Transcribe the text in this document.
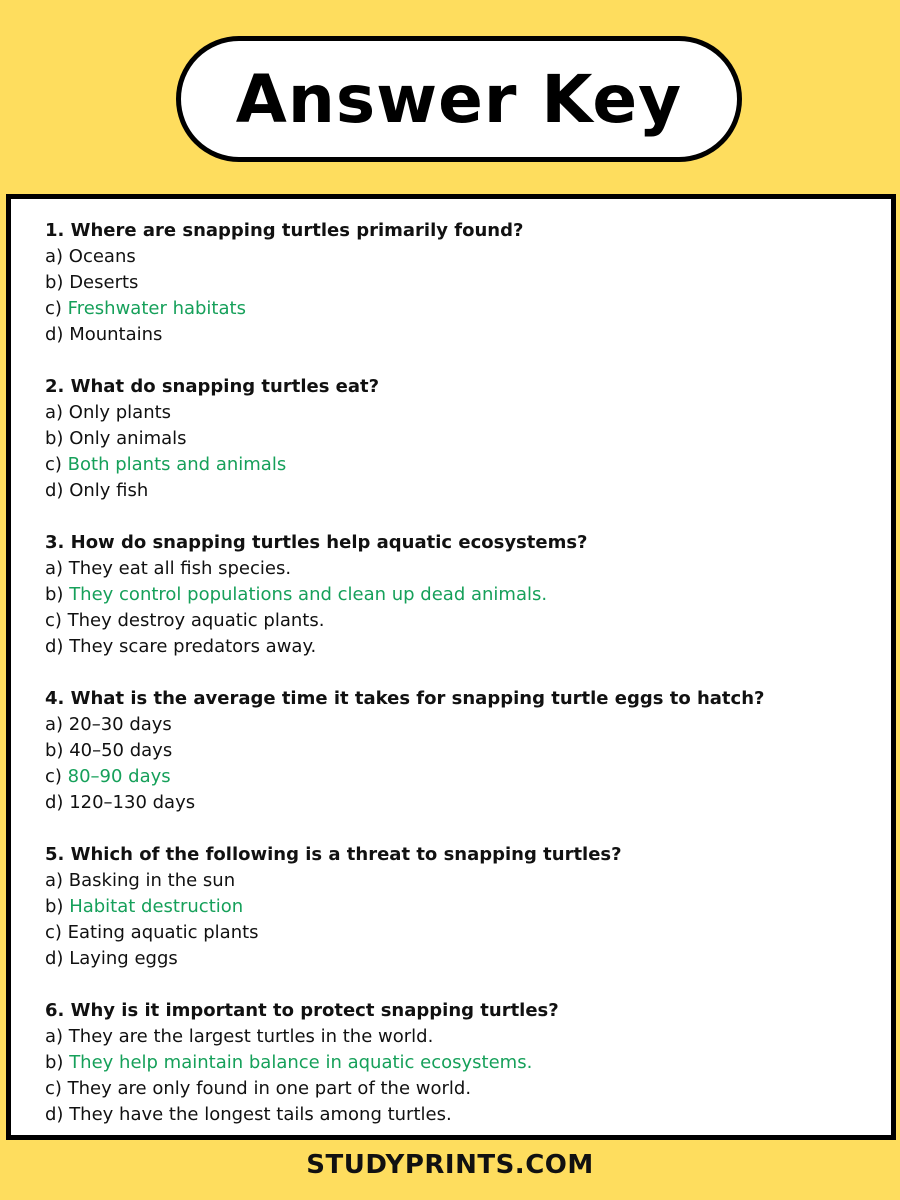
Answer Key
1. Where are snapping turtles primarily found?
a) Oceans
b) Deserts
c) Freshwater habitats
d) Mountains
2. What do snapping turtles eat?
a) Only plants
b) Only animals
c) Both plants and animals
d) Only fish
3. How do snapping turtles help aquatic ecosystems?
a) They eat all fish species.
b) They control populations and clean up dead animals.
c) They destroy aquatic plants.
d) They scare predators away.
4. What is the average time it takes for snapping turtle eggs to hatch?
a) 20–30 days
b) 40–50 days
c) 80–90 days
d) 120–130 days
5. Which of the following is a threat to snapping turtles?
a) Basking in the sun
b) Habitat destruction
c) Eating aquatic plants
d) Laying eggs
6. Why is it important to protect snapping turtles?
a) They are the largest turtles in the world.
b) They help maintain balance in aquatic ecosystems.
c) They are only found in one part of the world.
d) They have the longest tails among turtles.
STUDYPRINTS.COM
